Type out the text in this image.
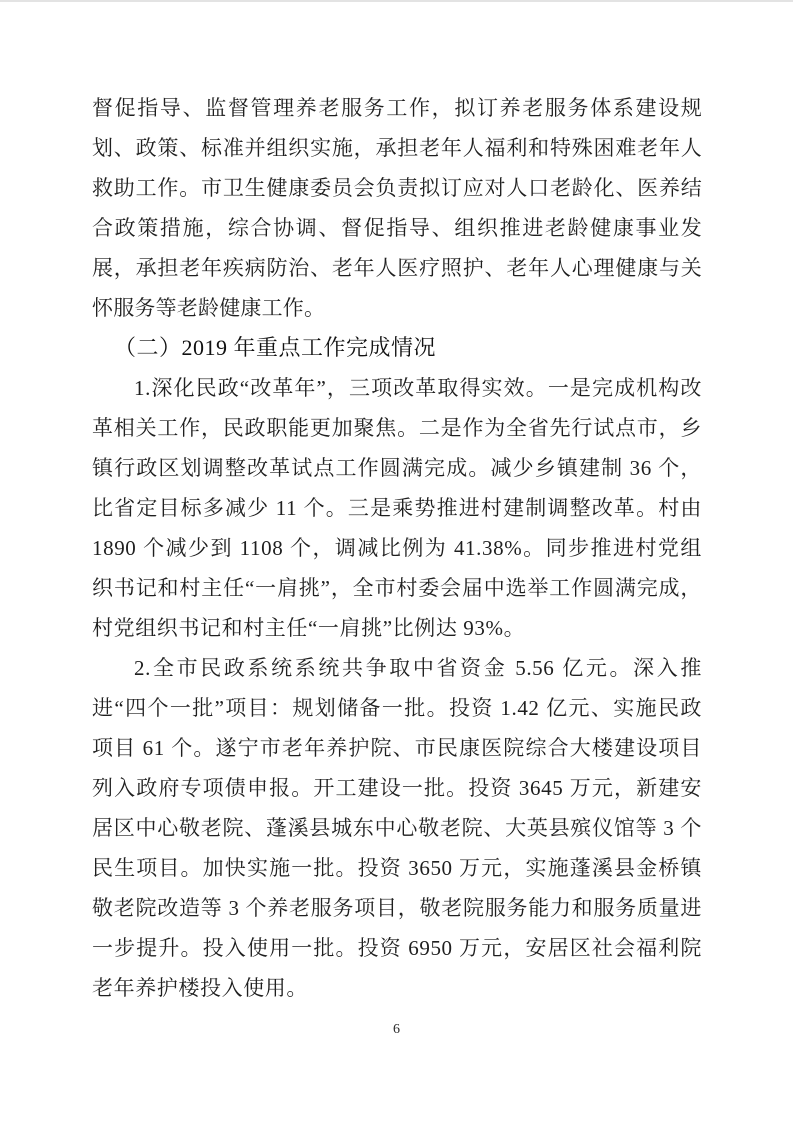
督促指导、监督管理养老服务工作，拟订养老服务体系建设规划、政策、标准并组织实施，承担老年人福利和特殊困难老年人救助工作。市卫生健康委员会负责拟订应对人口老龄化、医养结合政策措施，综合协调、督促指导、组织推进老龄健康事业发展，承担老年疾病防治、老年人医疗照护、老年人心理健康与关怀服务等老龄健康工作。

（二）2019 年重点工作完成情况

1.深化民政“改革年”，三项改革取得实效。一是完成机构改革相关工作，民政职能更加聚焦。二是作为全省先行试点市，乡镇行政区划调整改革试点工作圆满完成。减少乡镇建制 36 个，比省定目标多减少 11 个。三是乘势推进村建制调整改革。村由 1890 个减少到 1108 个，调减比例为 41.38%。同步推进村党组织书记和村主任“一肩挑”，全市村委会届中选举工作圆满完成，村党组织书记和村主任“一肩挑”比例达 93%。

2.全市民政系统系统共争取中省资金 5.56 亿元。深入推进“四个一批”项目：规划储备一批。投资 1.42 亿元、实施民政项目 61 个。遂宁市老年养护院、市民康医院综合大楼建设项目列入政府专项债申报。开工建设一批。投资 3645 万元，新建安居区中心敬老院、蓬溪县城东中心敬老院、大英县殡仪馆等 3 个民生项目。加快实施一批。投资 3650 万元，实施蓬溪县金桥镇敬老院改造等 3 个养老服务项目，敬老院服务能力和服务质量进一步提升。投入使用一批。投资 6950 万元，安居区社会福利院老年养护楼投入使用。

6
